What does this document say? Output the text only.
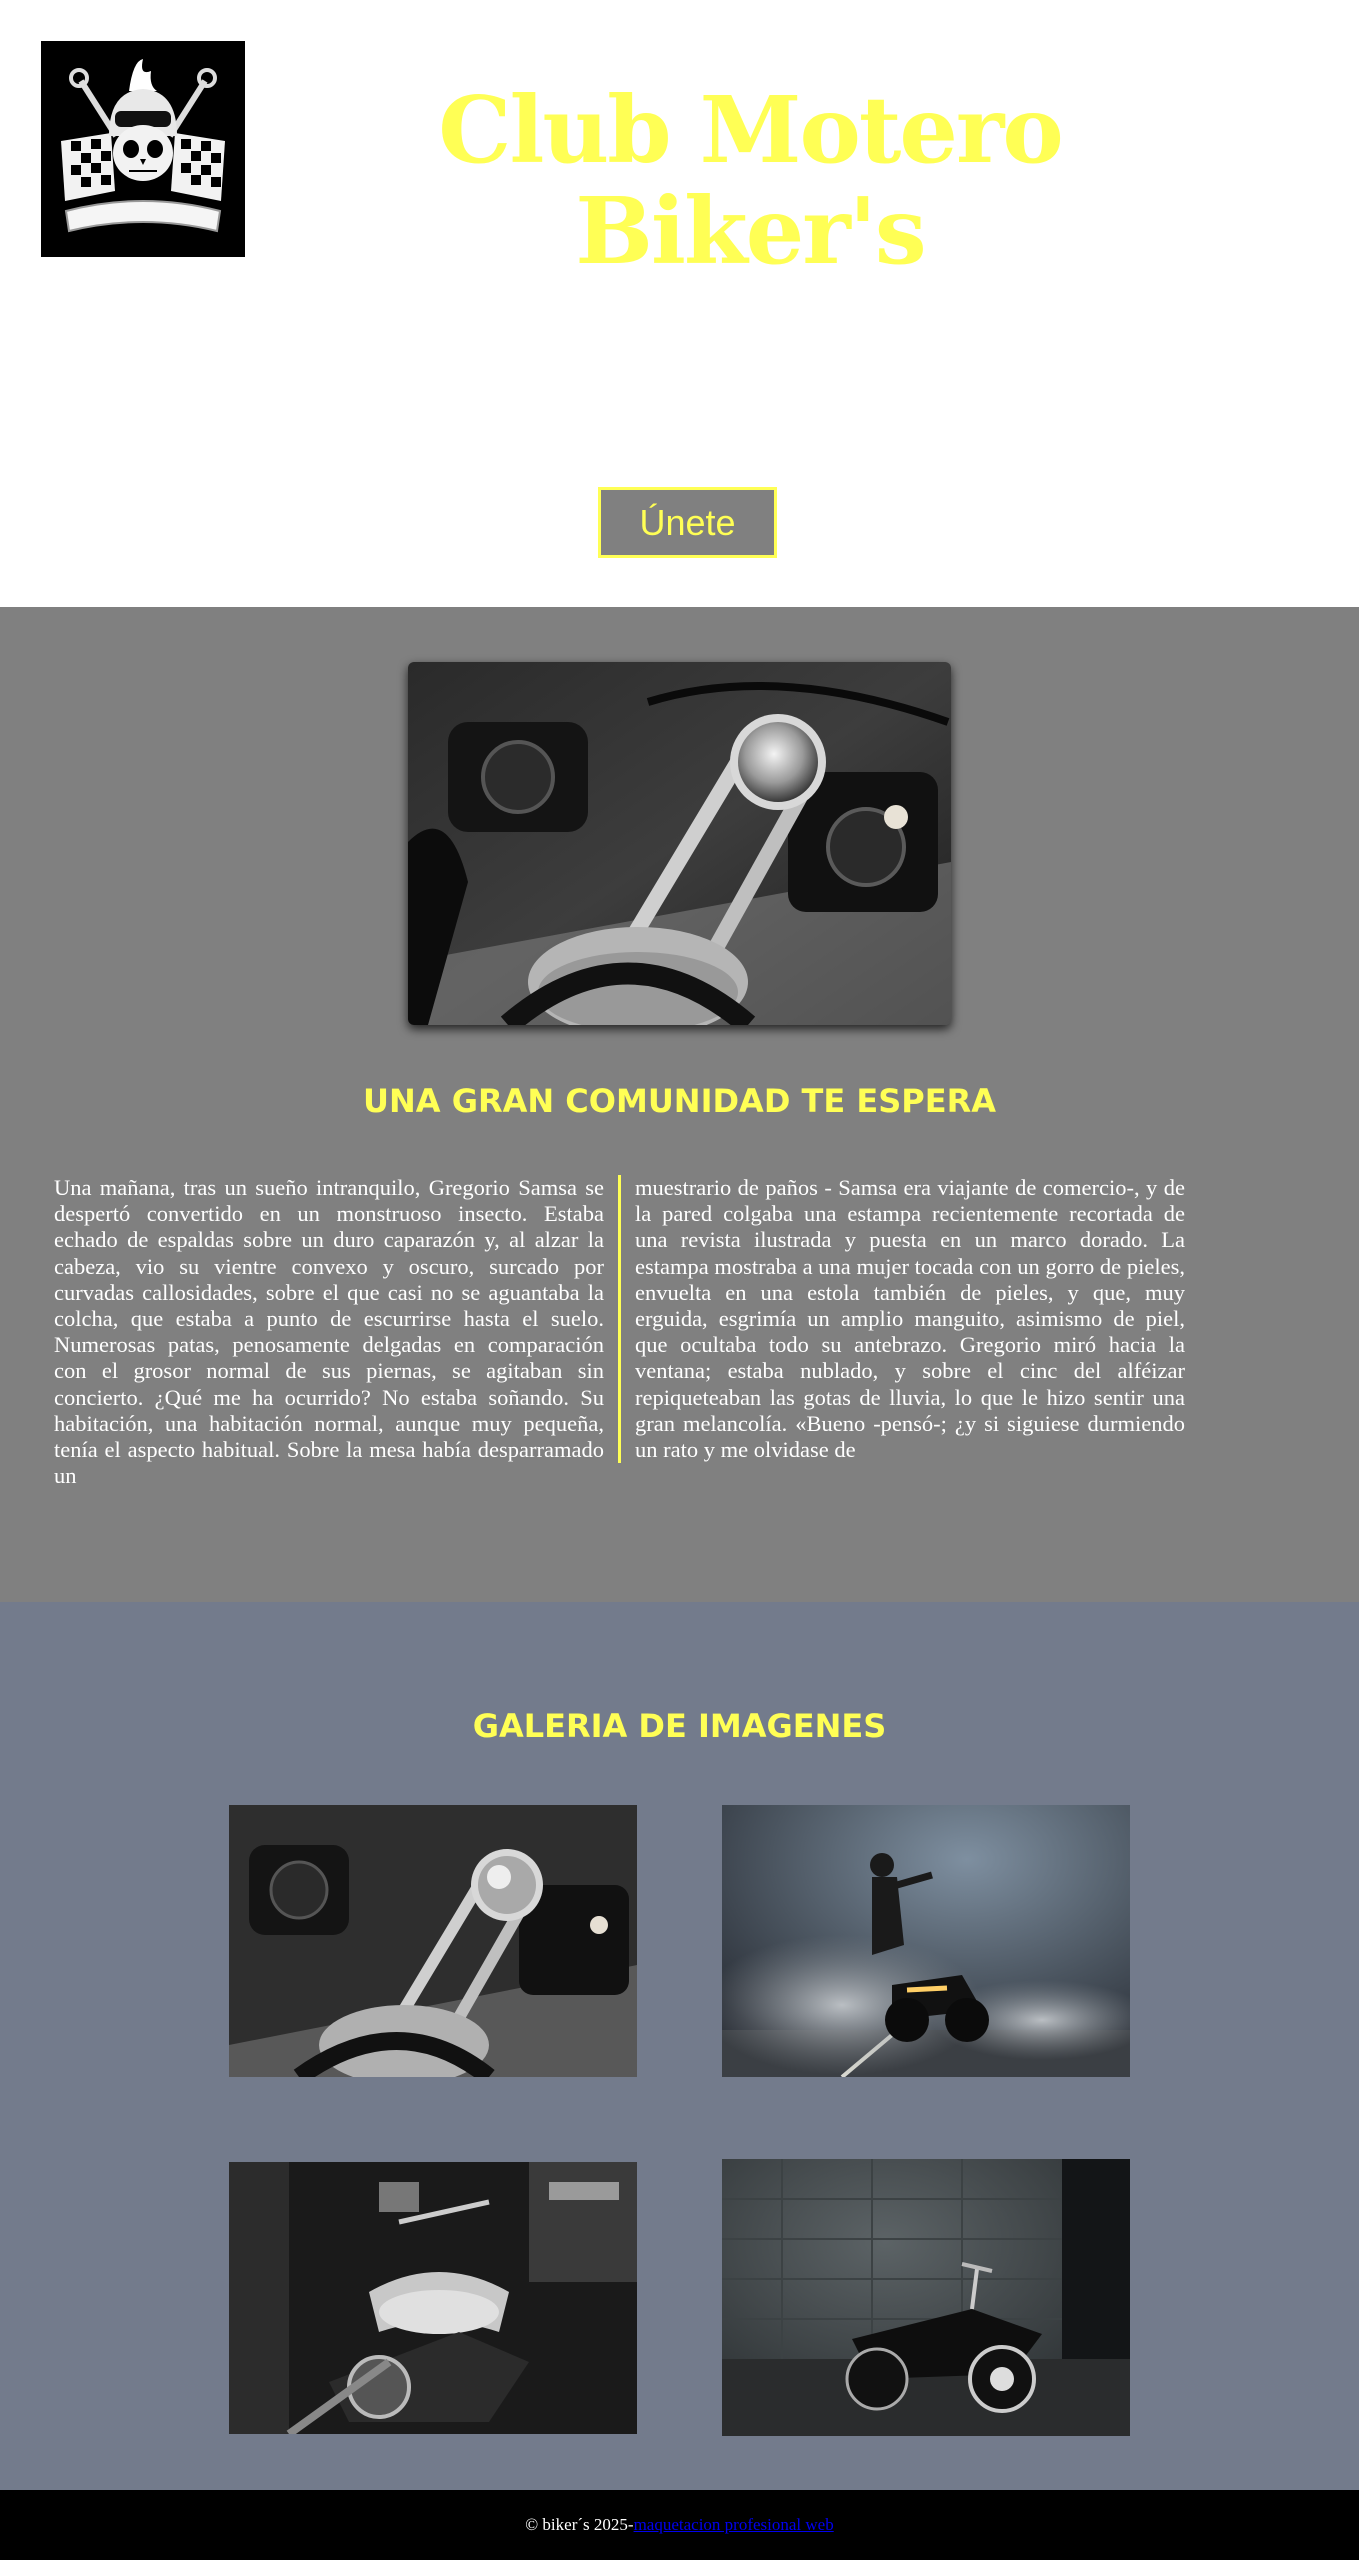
Club Motero Biker's
Únete
UNA GRAN COMUNIDAD TE ESPERA

Una mañana, tras un sueño intranquilo, Gregorio Samsa se despertó convertido en un monstruoso insecto. Estaba echado de espaldas sobre un duro caparazón y, al alzar la cabeza, vio su vientre convexo y oscuro, surcado por curvadas callosidades, sobre el que casi no se aguantaba la colcha, que estaba a punto de escurrirse hasta el suelo. Numerosas patas, penosamente delgadas en comparación con el grosor normal de sus piernas, se agitaban sin concierto. ¿Qué me ha ocurrido? No estaba soñando. Su habitación, una habitación normal, aunque muy pequeña, tenía el aspecto habitual. Sobre la mesa había desparramado un

muestrario de paños - Samsa era viajante de comercio-, y de la pared colgaba una estampa recientemente recortada de una revista ilustrada y puesta en un marco dorado. La estampa mostraba a una mujer tocada con un gorro de pieles, envuelta en una estola también de pieles, y que, muy erguida, esgrimía un amplio manguito, asimismo de piel, que ocultaba todo su antebrazo. Gregorio miró hacia la ventana; estaba nublado, y sobre el cinc del alféizar repiqueteaban las gotas de lluvia, lo que le hizo sentir una gran melancolía. «Bueno -pensó-; ¿y si siguiese durmiendo un rato y me olvidase de

GALERIA DE IMAGENES
© biker´s 2025- maquetacion profesional web
